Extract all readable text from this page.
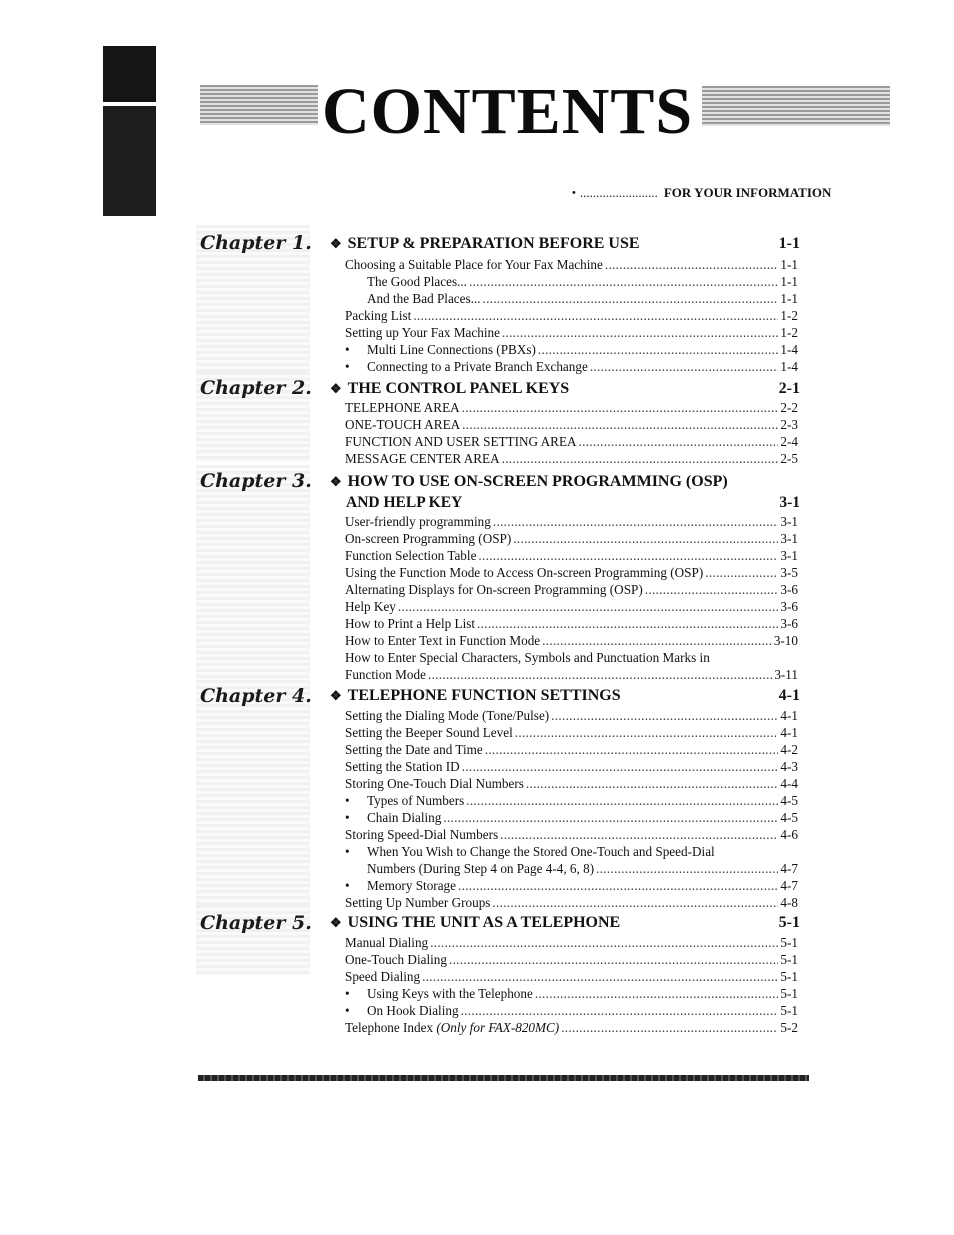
CONTENTS
• ........................ FOR YOUR INFORMATION
Chapter 1. ❖ SETUP & PREPARATION BEFORE USE	1-1
Choosing a Suitable Place for Your Fax Machine .....	1-1
The Good Places... .....	1-1
And the Bad Places... .....	1-1
Packing List .....	1-2
Setting up Your Fax Machine .....	1-2
•	Multi Line Connections (PBXs) .....	1-4
•	Connecting to a Private Branch Exchange .....	1-4
Chapter 2. ❖ THE CONTROL PANEL KEYS	2-1
TELEPHONE AREA .....	2-2
ONE-TOUCH AREA .....	2-3
FUNCTION AND USER SETTING AREA .....	2-4
MESSAGE CENTER AREA .....	2-5
Chapter 3. ❖ HOW TO USE ON-SCREEN PROGRAMMING (OSP)
AND HELP KEY	3-1
User-friendly programming .....	3-1
On-screen Programming (OSP) .....	3-1
Function Selection Table .....	3-1
Using the Function Mode to Access On-screen Programming (OSP) .....	3-5
Alternating Displays for On-screen Programming (OSP) .....	3-6
Help Key .....	3-6
How to Print a Help List .....	3-6
How to Enter Text in Function Mode .....	3-10
How to Enter Special Characters, Symbols and Punctuation Marks in
Function Mode .....	3-11
Chapter 4. ❖ TELEPHONE FUNCTION SETTINGS	4-1
Setting the Dialing Mode (Tone/Pulse) .....	4-1
Setting the Beeper Sound Level .....	4-1
Setting the Date and Time .....	4-2
Setting the Station ID .....	4-3
Storing One-Touch Dial Numbers .....	4-4
•	Types of Numbers .....	4-5
•	Chain Dialing .....	4-5
Storing Speed-Dial Numbers .....	4-6
•	When You Wish to Change the Stored One-Touch and Speed-Dial
Numbers (During Step 4 on Page 4-4, 6, 8) .....	4-7
•	Memory Storage .....	4-7
Setting Up Number Groups .....	4-8
Chapter 5. ❖ USING THE UNIT AS A TELEPHONE	5-1
Manual Dialing .....	5-1
One-Touch Dialing .....	5-1
Speed Dialing .....	5-1
•	Using Keys with the Telephone .....	5-1
•	On Hook Dialing .....	5-1
Telephone Index (Only for FAX-820MC) .....	5-2
